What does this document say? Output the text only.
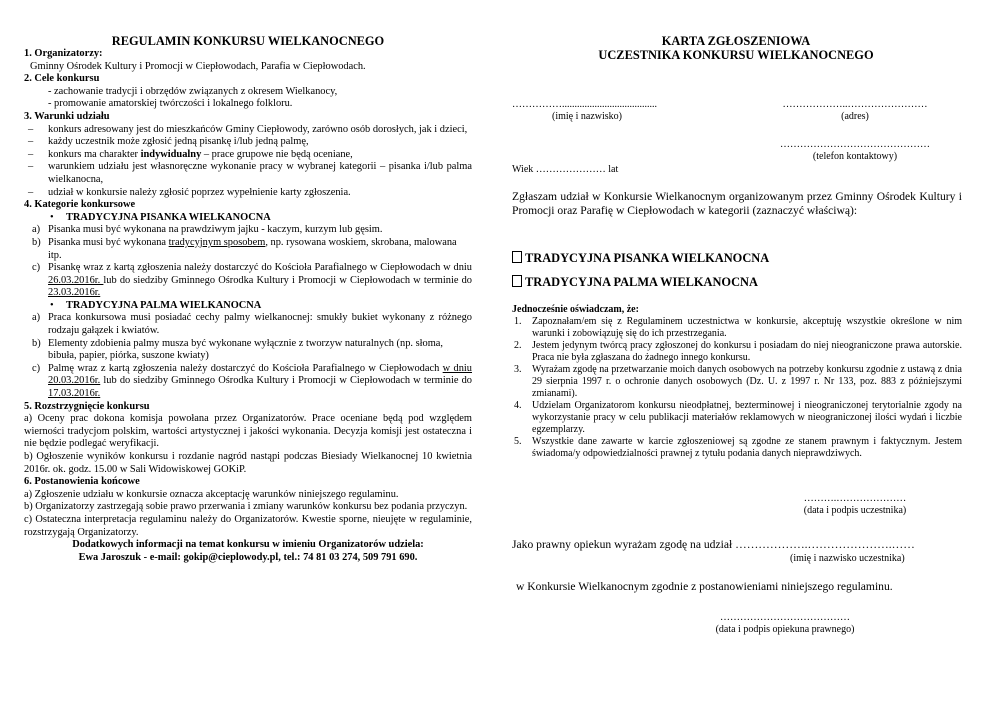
REGULAMIN KONKURSU WIELKANOCNEGO
1. Organizatorzy:
Gminny Ośrodek Kultury i Promocji w Ciepłowodach, Parafia w Ciepłowodach.
2. Cele konkursu
- zachowanie tradycji i obrzędów związanych z okresem Wielkanocy,
- promowanie amatorskiej twórczości i lokalnego folkloru.
3. Warunki udziału
– konkurs adresowany jest do mieszkańców Gminy Ciepłowody, zarówno osób dorosłych, jak i dzieci,
– każdy uczestnik może zgłosić jedną pisankę i/lub jedną palmę,
– konkurs ma charakter indywidualny – prace grupowe nie będą oceniane,
– warunkiem udziału jest własnoręczne wykonanie pracy w wybranej kategorii – pisanka i/lub palma wielkanocna,
– udział w konkursie należy zgłosić poprzez wypełnienie karty zgłoszenia.
4. Kategorie konkursowe
• TRADYCYJNA PISANKA WIELKANOCNA
a) Pisanka musi być wykonana na prawdziwym jajku - kaczym, kurzym lub gęsim.
b) Pisanka musi być wykonana tradycyjnym sposobem, np. rysowana woskiem, skrobana, malowana itp.
c) Pisankę wraz z kartą zgłoszenia należy dostarczyć do Kościoła Parafialnego w Ciepłowodach w dniu 26.03.2016r. lub do siedziby Gminnego Ośrodka Kultury i Promocji w Ciepłowodach w terminie do 23.03.2016r.
• TRADYCYJNA PALMA WIELKANOCNA
a) Praca konkursowa musi posiadać cechy palmy wielkanocnej: smukły bukiet wykonany z różnego rodzaju gałązek i kwiatów.
b) Elementy zdobienia palmy musza być wykonane wyłącznie z tworzyw naturalnych (np. słoma, bibuła, papier, piórka, suszone kwiaty)
c) Palmę wraz z kartą zgłoszenia należy dostarczyć do Kościoła Parafialnego w Ciepłowodach w dniu 20.03.2016r. lub do siedziby Gminnego Ośrodka Kultury i Promocji w Ciepłowodach w terminie do 17.03.2016r.
5. Rozstrzygnięcie konkursu
a) Oceny prac dokona komisja powołana przez Organizatorów. Prace oceniane będą pod względem wierności tradycjom polskim, wartości artystycznej i jakości wykonania. Decyzja komisji jest ostateczna i nie będzie podlegać weryfikacji.
b) Ogłoszenie wyników konkursu i rozdanie nagród nastąpi podczas Biesiady Wielkanocnej 10 kwietnia 2016r. ok. godz. 15.00 w Sali Widowiskowej GOKiP.
6. Postanowienia końcowe
a) Zgłoszenie udziału w konkursie oznacza akceptację warunków niniejszego regulaminu.
b) Organizatorzy zastrzegają sobie prawo przerwania i zmiany warunków konkursu bez podania przyczyn.
c) Ostateczna interpretacja regulaminu należy do Organizatorów. Kwestie sporne, nieujęte w regulaminie, rozstrzygają Organizatorzy.
Dodatkowych informacji na temat konkursu w imieniu Organizatorów udziela:
Ewa Jaroszuk - e-mail: gokip@cieplowody.pl, tel.: 74 81 03 274, 509 791 690.
KARTA ZGŁOSZENIOWA
UCZESTNIKA KONKURSU WIELKANOCNEGO
……………......................................
(imię i nazwisko)
………………..……………………
(adres)
………………………………………
(telefon kontaktowy)
Wiek ………………… lat
Zgłaszam udział w Konkursie Wielkanocnym organizowanym przez Gminny Ośrodek Kultury i Promocji oraz Parafię w Ciepłowodach w kategorii (zaznaczyć właściwą):
TRADYCYJNA PISANKA WIELKANOCNA
TRADYCYJNA PALMA WIELKANOCNA
Jednocześnie oświadczam, że:
1. Zapoznałam/em się z Regulaminem uczestnictwa w konkursie, akceptuję wszystkie określone w nim warunki i zobowiązuję się do ich przestrzegania.
2. Jestem jedynym twórcą pracy zgłoszonej do konkursu i posiadam do niej nieograniczone prawa autorskie. Praca nie była zgłaszana do żadnego innego konkursu.
3. Wyrażam zgodę na przetwarzanie moich danych osobowych na potrzeby konkursu zgodnie z ustawą z dnia 29 sierpnia 1997 r. o ochronie danych osobowych (Dz. U. z 1997 r. Nr 133, poz. 883 z późniejszymi zmianami).
4. Udzielam Organizatorom konkursu nieodpłatnej, bezterminowej i nieograniczonej terytorialnie zgody na wykorzystanie pracy w celu publikacji materiałów reklamowych w nieograniczonej ilości wydań i liczbie egzemplarzy.
5. Wszystkie dane zawarte w karcie zgłoszeniowej są zgodne ze stanem prawnym i faktycznym. Jestem świadoma/y odpowiedzialności prawnej z tytułu podania danych nieprawdziwych.
……….…………………
(data i podpis uczestnika)
Jako prawny opiekun wyrażam zgodę na udział ……………….………………….……
(imię i nazwisko uczestnika)
w Konkursie Wielkanocnym zgodnie z postanowieniami niniejszego regulaminu.
…………………………………
(data i podpis opiekuna prawnego)
